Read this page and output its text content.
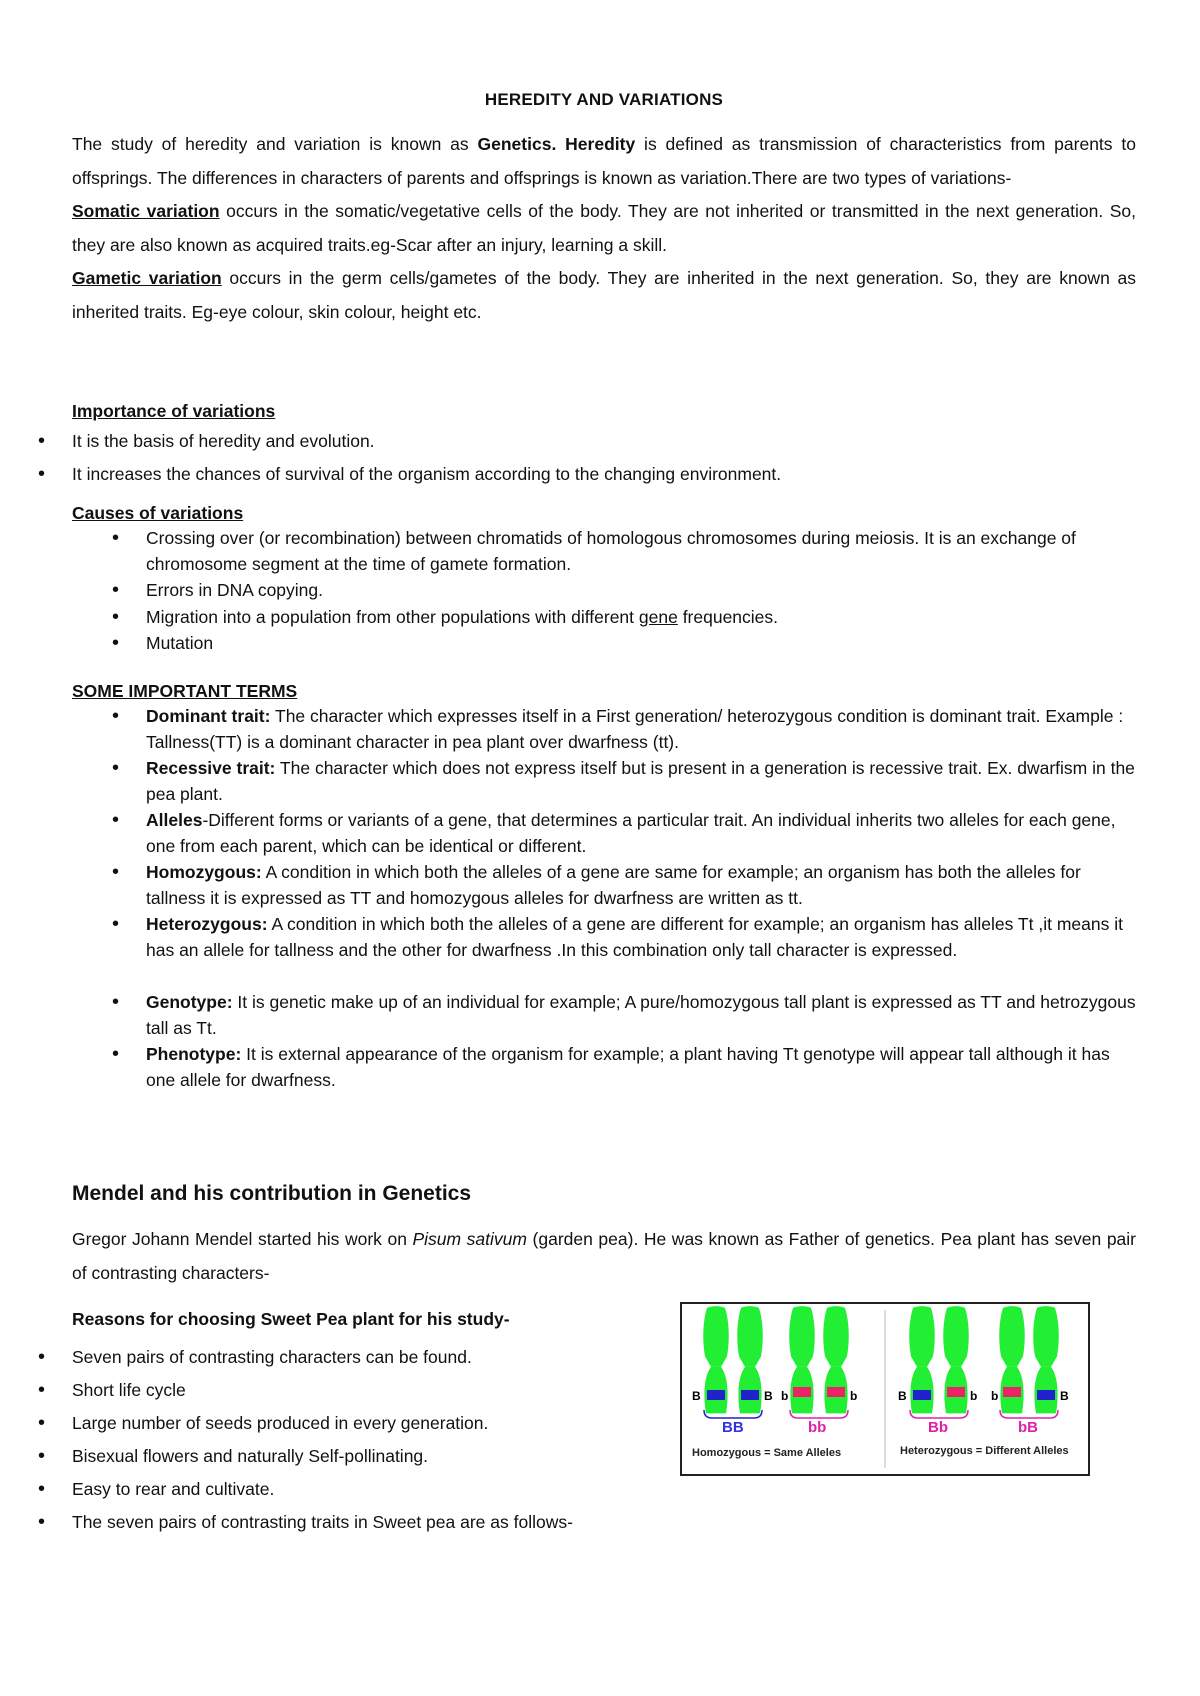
HEREDITY AND VARIATIONS

The study of heredity and variation is known as Genetics. Heredity is defined as transmission of characteristics from parents to offsprings. The differences in characters of parents and offsprings is known as variation.There are two types of variations-

Somatic variation occurs in the somatic/vegetative cells of the body. They are not inherited or transmitted in the next generation. So, they are also known as acquired traits.eg-Scar after an injury, learning a skill.

Gametic variation occurs in the germ cells/gametes of the body. They are inherited in the next generation. So, they are known as inherited traits. Eg-eye colour, skin colour, height etc.

Importance of variations
• It is the basis of heredity and evolution.
• It increases the chances of survival of the organism according to the changing environment.
Causes of variations
• Crossing over (or recombination) between chromatids of homologous chromosomes during meiosis. It is an exchange of chromosome segment at the time of gamete formation.
• Errors in DNA copying.
• Migration into a population from other populations with different gene frequencies.
• Mutation
SOME IMPORTANT TERMS
• Dominant trait: The character which expresses itself in a First generation/ heterozygous condition is dominant trait. Example : Tallness(TT) is a dominant character in pea plant over dwarfness (tt).
• Recessive trait: The character which does not express itself but is present in a generation is recessive trait. Ex. dwarfism in the pea plant.
• Alleles-Different forms or variants of a gene, that determines a particular trait. An individual inherits two alleles for each gene, one from each parent, which can be identical or different.
• Homozygous: A condition in which both the alleles of a gene are same for example; an organism has both the alleles for tallness it is expressed as TT and homozygous alleles for dwarfness are written as tt.
• Heterozygous: A condition in which both the alleles of a gene are different for example; an organism has alleles Tt ,it means it has an allele for tallness and the other for dwarfness .In this combination only tall character is expressed.
• Genotype: It is genetic make up of an individual for example; A pure/homozygous tall plant is expressed as TT and hetrozygous tall as Tt.
• Phenotype: It is external appearance of the organism for example; a plant having Tt genotype will appear tall although it has one allele for dwarfness.
Mendel and his contribution in Genetics

Gregor Johann Mendel started his work on Pisum sativum (garden pea). He was known as Father of genetics. Pea plant has seven pair of contrasting characters-

Reasons for choosing Sweet Pea plant for his study-
• Seven pairs of contrasting characters can be found.
• Short life cycle
• Large number of seeds produced in every generation.
• Bisexual flowers and naturally Self-pollinating.
• Easy to rear and cultivate.
• The seven pairs of contrasting traits in Sweet pea are as follows-
B	B
BB
b	b
bb
B	b
Bb
b	B
bB
Homozygous = Same Alleles	Heterozygous = Different Alleles
